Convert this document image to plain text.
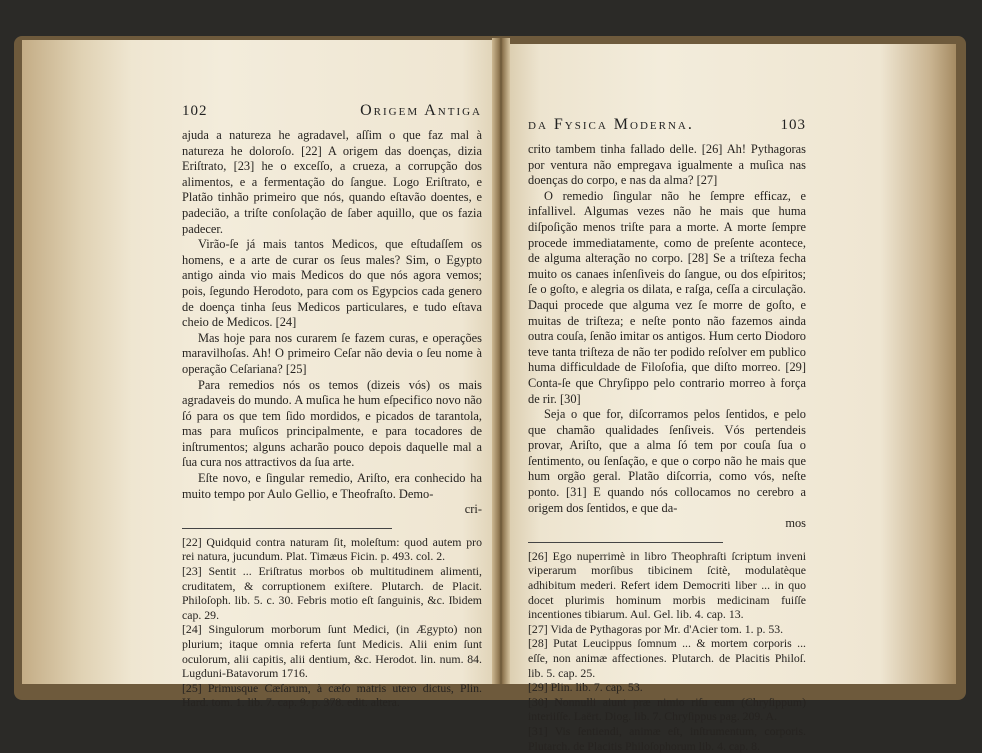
102	Origem Antiga

ajuda a natureza he agradavel, aſſim o que faz mal à natureza he doloroſo. [22] A origem das doenças, dizia Eriſtrato, [23] he o exceſſo, a crueza, a corrupção dos alimentos, e a fermentação do ſangue. Logo Eriſtrato, e Platão tinhão primeiro que nós, quando eſtavão doentes, e padecião, a triſte conſolação de ſaber aquillo, que os fazia padecer.

Virão-ſe já mais tantos Medicos, que eſtudaſſem os homens, e a arte de curar os ſeus males? Sim, o Egypto antigo ainda vio mais Medicos do que nós agora vemos; pois, ſegundo Herodoto, para com os Egypcios cada genero de doença tinha ſeus Medicos particulares, e tudo eſtava cheio de Medicos. [24]

Mas hoje para nos curarem ſe fazem curas, e operações maravilhoſas. Ah! O primeiro Ceſar não devia o ſeu nome à operação Ceſariana? [25]

Para remedios nós os temos (dizeis vós) os mais agradaveis do mundo. A muſica he hum eſpecifico novo não ſó para os que tem ſido mordidos, e picados de tarantola, mas para muſicos principalmente, e para tocadores de inſtrumentos; alguns acharão pouco depois daquelle mal a ſua cura nos attractivos da ſua arte.

Eſte novo, e ſingular remedio, Ariſto, era conhecido ha muito tempo por Aulo Gellio, e Theofraſto. Demo-

cri-

[22] Quidquid contra naturam ſit, moleſtum: quod autem pro rei natura, jucundum. Plat. Timæus Ficin. p. 493. col. 2.

[23] Sentit ... Eriſtratus morbos ob multitudinem alimenti, cruditatem, & corruptionem exiſtere. Plutarch. de Placit. Philoſoph. lib. 5. c. 30. Febris motio eſt ſanguinis, &c. Ibidem cap. 29.

[24] Singulorum morborum ſunt Medici, (in Ægypto) non plurium; itaque omnia referta ſunt Medicis. Alii enim ſunt oculorum, alii capitis, alii dentium, &c. Herodot. lin. num. 84. Lugduni-Batavorum 1716.

[25] Primusque Cæſarum, à cæſo matris utero dictus, Plin. Hard. tom. 1. lib. 7. cap. 9. p. 378. edit. altera.

da Fysica Moderna.	103

crito tambem tinha fallado delle. [26] Ah! Pythagoras por ventura não empregava igualmente a muſica nas doenças do corpo, e nas da alma? [27]

O remedio ſingular não he ſempre efficaz, e infallivel. Algumas vezes não he mais que huma diſpoſição menos triſte para a morte. A morte ſempre procede immediatamente, como de preſente acontece, de alguma alteração no corpo. [28] Se a triſteza fecha muito os canaes inſenſiveis do ſangue, ou dos eſpiritos; ſe o goſto, e alegria os dilata, e raſga, ceſſa a circulação. Daqui procede que alguma vez ſe morre de goſto, e muitas de triſteza; e neſte ponto não fazemos ainda outra couſa, ſenão imitar os antigos. Hum certo Diodoro teve tanta triſteza de não ter podido reſolver em publico huma difficuldade de Filoſofia, que diſto morreo. [29] Conta-ſe que Chryſippo pelo contrario morreo à força de rir. [30]

Seja o que for, diſcorramos pelos ſentidos, e pelo que chamão qualidades ſenſiveis. Vós pertendeis provar, Ariſto, que a alma ſó tem por couſa ſua o ſentimento, ou ſenſação, e que o corpo não he mais que hum orgão geral. Platão diſcorria, como vós, neſte ponto. [31] E quando nós collocamos no cerebro a origem dos ſentidos, e que da-

mos

[26] Ego nuperrimè in libro Theophraſti ſcriptum inveni viperarum morſibus tibicinem ſcitè, modulatèque adhibitum mederi. Refert idem Democriti liber ... in quo docet plurimis hominum morbis medicinam fuiſſe incentiones tibiarum. Aul. Gel. lib. 4. cap. 13.

[27] Vida de Pythagoras por Mr. d'Acier tom. 1. p. 53.

[28] Putat Leucippus ſomnum ... & mortem corporis ... eſſe, non animæ affectiones. Plutarch. de Placitis Philoſ. lib. 5. cap. 25.

[29] Plin. lib. 7. cap. 53.

[30] Nonnulli aiunt præ nimio riſu eum (Chryſippum) interiiſſe. Laërt. Diog. lib. 7. Chryſippus pag. 209. A.

[31] Vis ſentiendi, animæ eſt, inſtrumentum, corporis. Plutarch. de Placitis Philoſophorum lib. 4. cap. 8.
